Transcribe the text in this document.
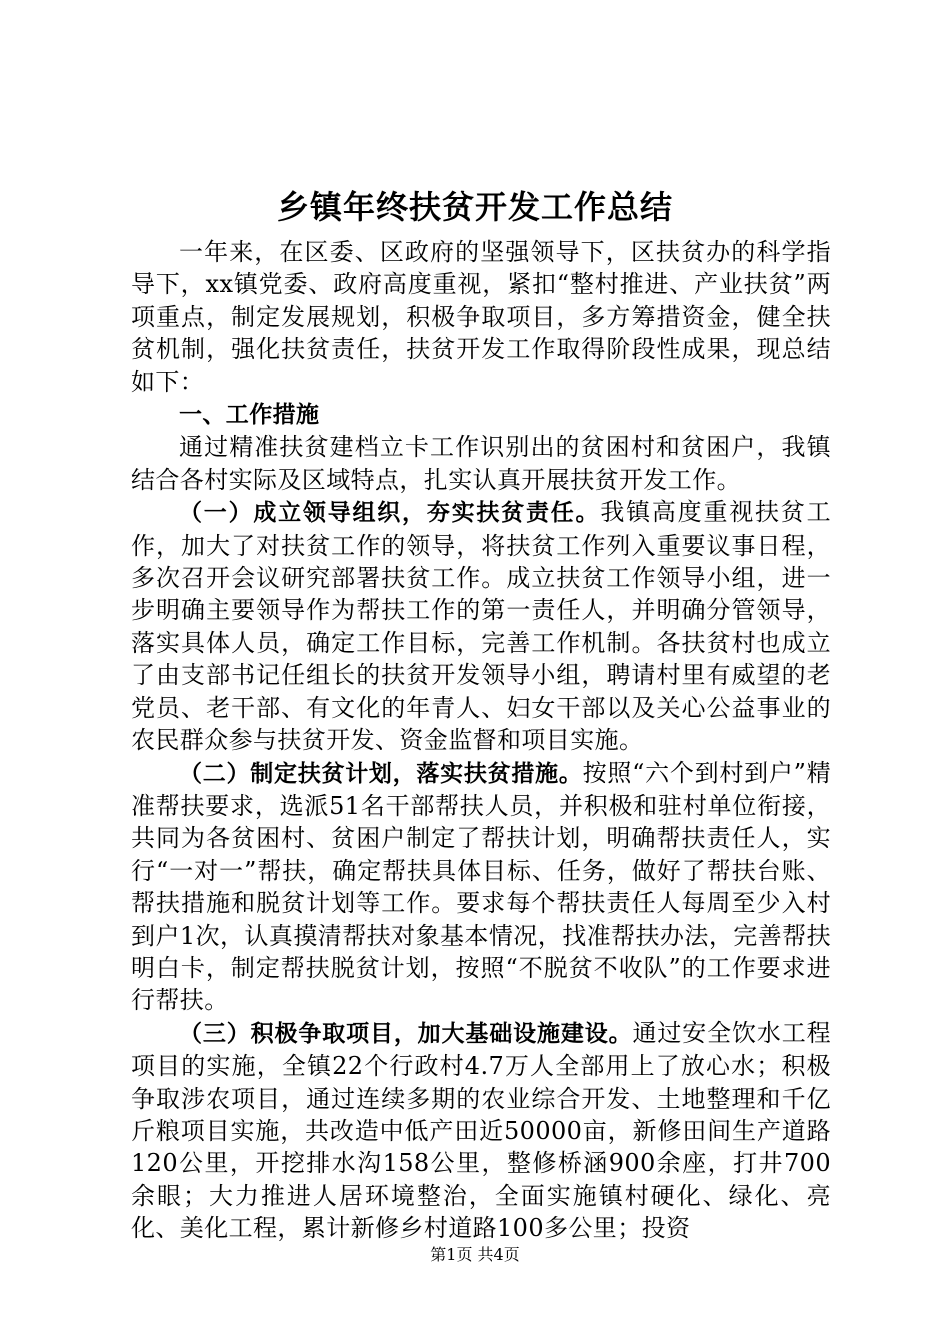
乡镇年终扶贫开发工作总结

一年来，在区委、区政府的坚强领导下，区扶贫办的科学指导下，xx镇党委、政府高度重视，紧扣“整村推进、产业扶贫”两项重点，制定发展规划，积极争取项目，多方筹措资金，健全扶贫机制，强化扶贫责任，扶贫开发工作取得阶段性成果，现总结如下：

一、工作措施

通过精准扶贫建档立卡工作识别出的贫困村和贫困户，我镇结合各村实际及区域特点，扎实认真开展扶贫开发工作。

（一）成立领导组织，夯实扶贫责任。我镇高度重视扶贫工作，加大了对扶贫工作的领导，将扶贫工作列入重要议事日程，多次召开会议研究部署扶贫工作。成立扶贫工作领导小组，进一步明确主要领导作为帮扶工作的第一责任人，并明确分管领导，落实具体人员，确定工作目标，完善工作机制。各扶贫村也成立了由支部书记任组长的扶贫开发领导小组，聘请村里有威望的老党员、老干部、有文化的年青人、妇女干部以及关心公益事业的农民群众参与扶贫开发、资金监督和项目实施。

（二）制定扶贫计划，落实扶贫措施。按照“六个到村到户”精准帮扶要求，选派51名干部帮扶人员，并积极和驻村单位衔接，共同为各贫困村、贫困户制定了帮扶计划，明确帮扶责任人，实行“一对一”帮扶，确定帮扶具体目标、任务，做好了帮扶台账、帮扶措施和脱贫计划等工作。要求每个帮扶责任人每周至少入村到户1次，认真摸清帮扶对象基本情况，找准帮扶办法，完善帮扶明白卡，制定帮扶脱贫计划，按照“不脱贫不收队”的工作要求进行帮扶。

（三）积极争取项目，加大基础设施建设。通过安全饮水工程项目的实施，全镇22个行政村4.7万人全部用上了放心水；积极争取涉农项目，通过连续多期的农业综合开发、土地整理和千亿斤粮项目实施，共改造中低产田近50000亩，新修田间生产道路120公里，开挖排水沟158公里，整修桥涵900余座，打井700余眼；大力推进人居环境整治，全面实施镇村硬化、绿化、亮化、美化工程，累计新修乡村道路100多公里；投资

第1页 共4页
